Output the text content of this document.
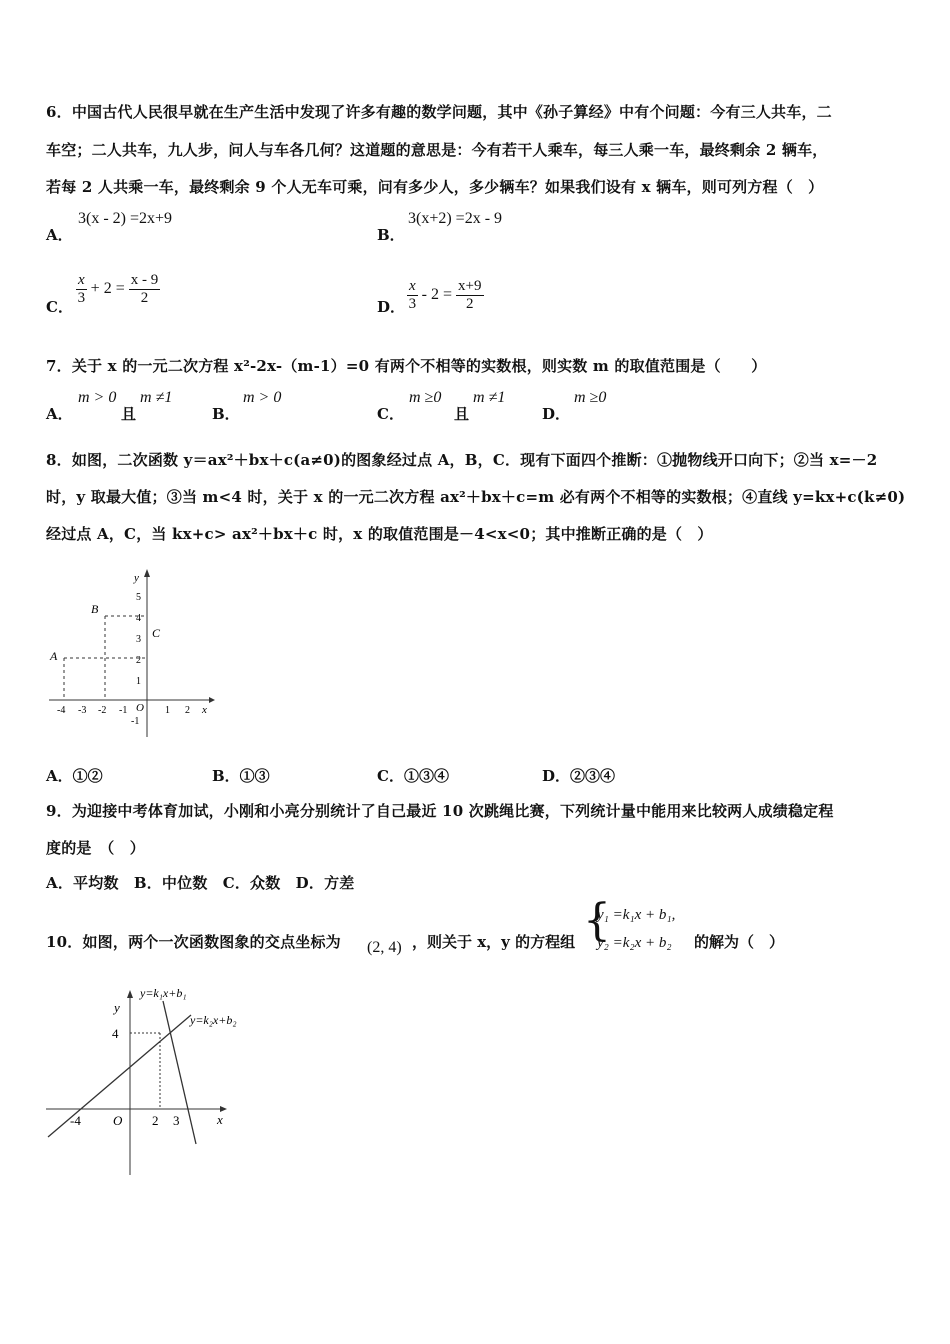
6．中国古代人民很早就在生产生活中发现了许多有趣的数学问题，其中《孙子算经》中有个问题：今有三人共车，二
车空；二人共车，九人步，问人与车各几何？这道题的意思是：今有若干人乘车，每三人乘一车，最终剩余 2 辆车，
若每 2 人共乘一车，最终剩余 9 个人无车可乘，问有多少人，多少辆车？如果我们设有 x 辆车，则可列方程（　）
A．
3(x - 2) =2x+9
B．
3(x+2) =2x - 9
C． $\frac{x}{3} + 2 = \frac{x - 9}{2}$	D． $\frac{x}{3} - 2 = \frac{x+9}{2}$
7．关于 x 的一元二次方程 x²-2x-（m-1）=0 有两个不相等的实数根，则实数 m 的取值范围是（　　）
A．
m > 0
且
m ≠1
B．
m > 0
C．
m ≥0
且
m ≠1
D．
m ≥0
8．如图，二次函数 y＝ax²＋bx＋c(a≠0)的图象经过点 A，B，C．现有下面四个推断：①抛物线开口向下；②当 x=－2
时，y 取最大值；③当 m<4 时，关于 x 的一元二次方程 ax²＋bx＋c=m 必有两个不相等的实数根；④直线 y=kx+c(k≠0)
经过点 A，C，当 kx+c> ax²＋bx＋c 时，x 的取值范围是－4<x<0；其中推断正确的是（　）
y
x
O
A
B
C
5
4
3
2
1
-1
-4 -3 -2 -1	1 2
A．①②	B．①③	C．①③④	D．②③④
9．为迎接中考体育加试，小刚和小亮分别统计了自己最近 10 次跳绳比赛，下列统计量中能用来比较两人成绩稳定程
度的是　（　）
A．平均数　B．中位数　C．众数　D．方差
10．如图，两个一次函数图象的交点坐标为 (2, 4) ，则关于 x，y 的方程组 {
y₁ =k₁x + b₁,
y₂ =k₂x + b₂ 的解为（　）
y
x
O
y=k₁x+b₁
y=k₂x+b₂
4
-4	2 3
